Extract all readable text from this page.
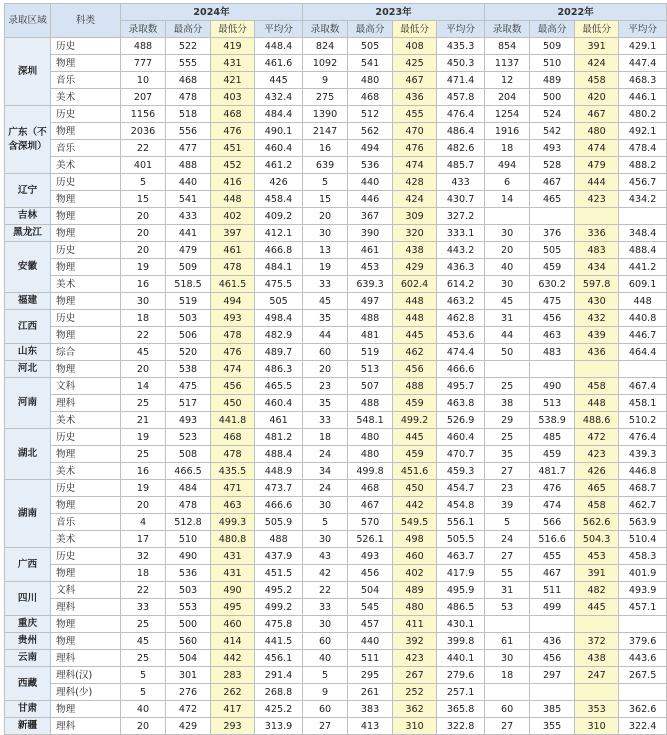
录取区域	科类	2024年				2023年				2022年			
		录取数	最高分	最低分	平均分	录取数	最高分	最低分	平均分	录取数	最高分	最低分	平均分
深圳	历史	488	522	419	448.4	824	505	408	435.3	854	509	391	429.1
	物理	777	555	431	461.6	1092	541	425	450.3	1137	510	424	447.4
	音乐	10	468	421	445	9	480	467	471.4	12	489	458	468.3
	美术	207	478	403	432.4	275	468	436	457.8	204	500	420	446.1
广东（不含深圳）	历史	1156	518	468	484.4	1390	512	455	476.4	1254	524	467	480.2
	物理	2036	556	476	490.1	2147	562	470	486.4	1916	542	480	492.1
	音乐	22	477	451	460.4	16	494	476	482.6	18	493	474	478.4
	美术	401	488	452	461.2	639	536	474	485.7	494	528	479	488.2
辽宁	历史	5	440	416	426	5	440	428	433	6	467	444	456.7
	物理	15	541	448	458.4	15	446	424	430.7	14	465	423	434.2
吉林	物理	20	433	402	409.2	20	367	309	327.2				
黑龙江	物理	20	441	397	412.1	30	390	320	333.1	30	376	336	348.4
安徽	历史	20	479	461	466.8	13	461	438	443.2	20	505	483	488.4
	物理	19	509	478	484.1	19	453	429	436.3	40	459	434	441.2
	美术	16	518.5	461.5	475.5	33	639.3	602.4	614.2	30	630.2	597.8	609.1
福建	物理	30	519	494	505	45	497	448	463.2	45	475	430	448
江西	历史	18	503	493	498.4	35	488	448	462.8	31	456	432	440.8
	物理	22	506	478	482.9	44	481	445	453.6	44	463	439	446.7
山东	综合	45	520	476	489.7	60	519	462	474.4	50	483	436	464.4
河北	物理	20	538	474	486.3	20	513	456	466.6				
河南	文科	14	475	456	465.5	23	507	488	495.7	25	490	458	467.4
	理科	25	517	450	460.4	35	488	459	463.8	38	513	448	458.1
	美术	21	493	441.8	461	33	548.1	499.2	526.9	29	538.9	488.6	510.2
湖北	历史	19	523	468	481.2	18	480	445	460.4	25	485	472	476.4
	物理	25	508	478	488.4	24	480	459	470.7	35	459	423	439.3
	美术	16	466.5	435.5	448.9	34	499.8	451.6	459.3	27	481.7	426	446.8
湖南	历史	19	484	471	473.7	24	468	450	454.7	23	476	465	468.7
	物理	20	478	463	466.6	30	467	442	454.8	39	474	458	462.7
	音乐	4	512.8	499.3	505.9	5	570	549.5	556.1	5	566	562.6	563.9
	美术	17	510	480.8	488	30	526.1	498	505.5	24	516.6	504.3	510.4
广西	历史	32	490	431	437.9	43	493	460	463.7	27	455	453	458.3
	物理	18	536	431	451.5	42	456	402	417.9	55	467	391	401.9
四川	文科	22	503	490	495.2	22	504	489	495.9	31	511	482	493.9
	理科	33	553	495	499.2	33	545	480	486.5	53	499	445	457.1
重庆	物理	25	500	460	475.8	30	457	411	430.1				
贵州	物理	45	560	414	441.5	60	440	392	399.8	61	436	372	379.6
云南	理科	25	504	442	456.1	40	511	423	440.1	30	456	438	443.6
西藏	理科(汉)	5	301	283	291.4	5	295	267	279.6	18	297	247	267.5
	理科(少)	5	276	262	268.8	9	261	252	257.1				
甘肃	物理	40	472	417	425.2	60	383	362	365.8	60	385	353	362.6
新疆	理科	20	429	293	313.9	27	413	310	322.8	27	355	310	322.4
